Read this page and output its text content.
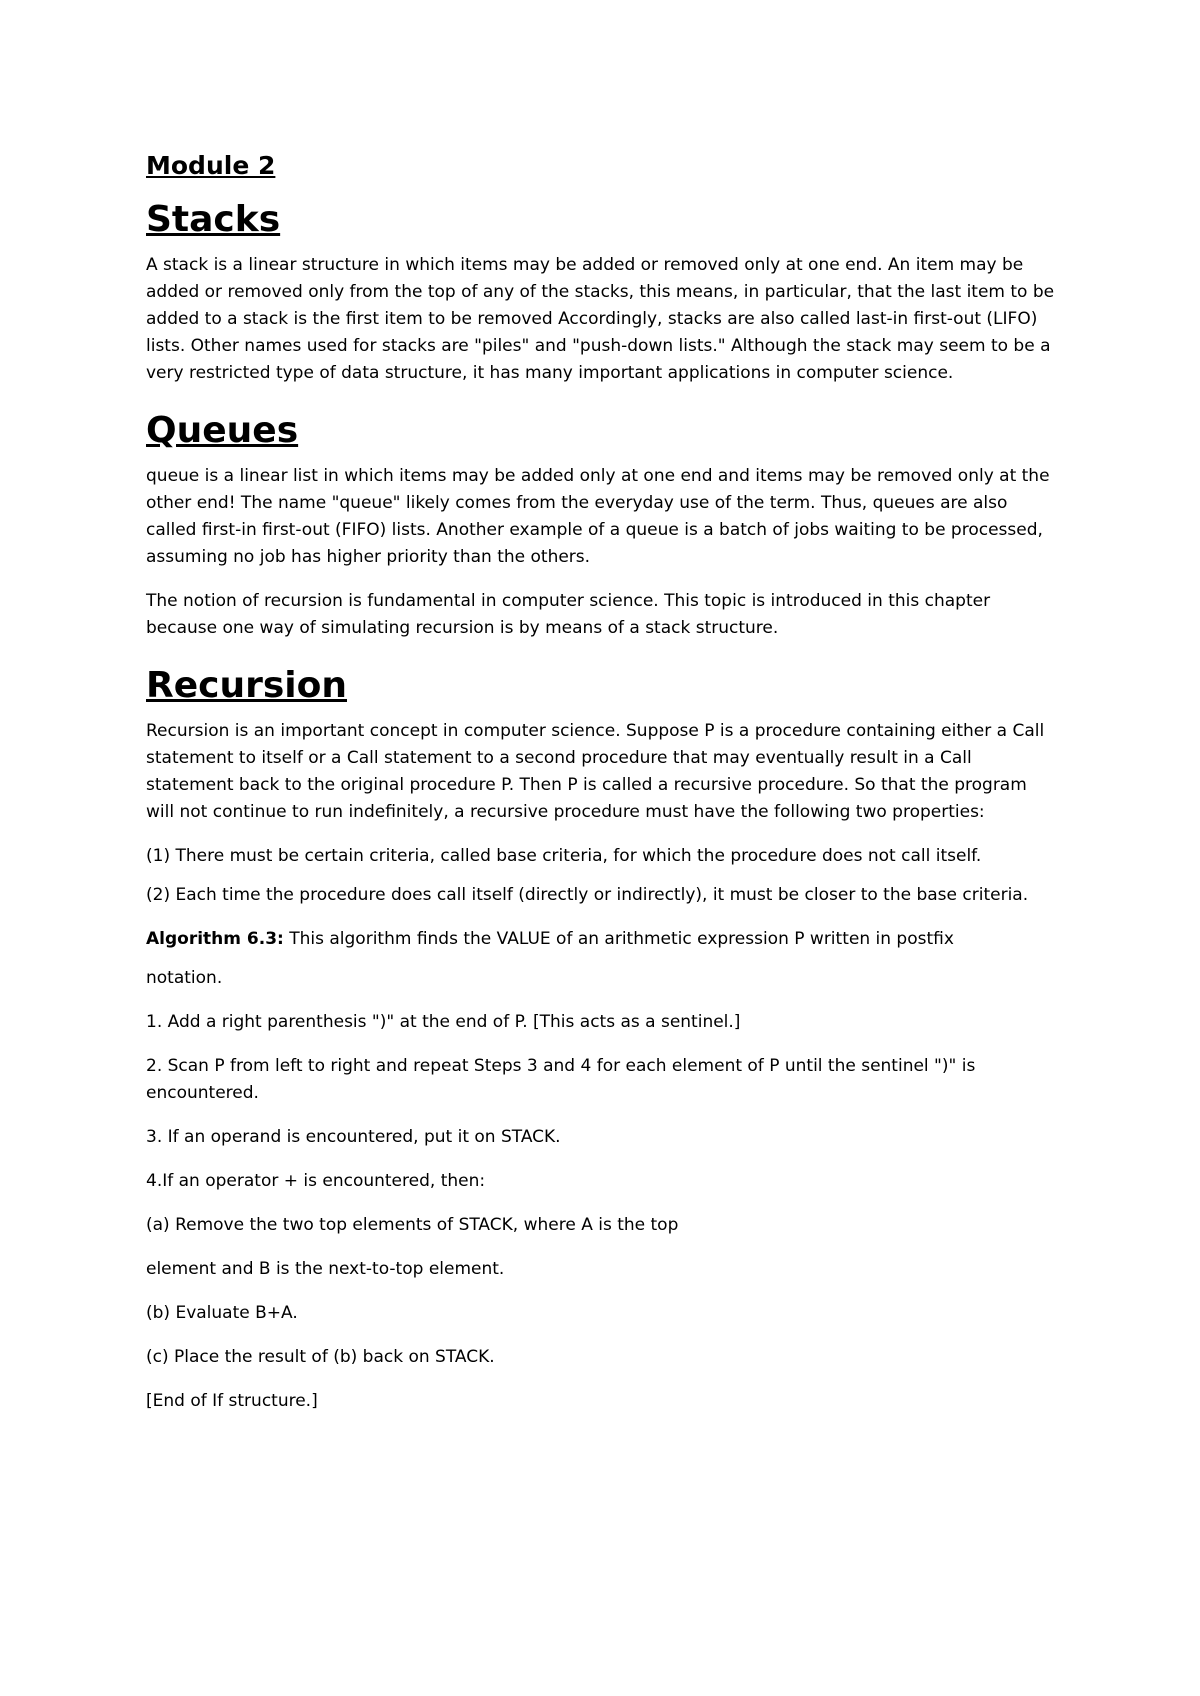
Module 2
Stacks

A stack is a linear structure in which items may be added or removed only at one end. An item may be added or removed only from the top of any of the stacks, this means, in particular, that the last item to be added to a stack is the first item to be removed Accordingly, stacks are also called last-in first-out (LIFO) lists. Other names used for stacks are "piles" and "push-down lists." Although the stack may seem to be a very restricted type of data structure, it has many important applications in computer science.

Queues

queue is a linear list in which items may be added only at one end and items may be removed only at the other end! The name "queue" likely comes from the everyday use of the term. Thus, queues are also called first-in first-out (FIFO) lists. Another example of a queue is a batch of jobs waiting to be processed, assuming no job has higher priority than the others.

The notion of recursion is fundamental in computer science. This topic is introduced in this chapter because one way of simulating recursion is by means of a stack structure.

Recursion

Recursion is an important concept in computer science. Suppose P is a procedure containing either a Call statement to itself or a Call statement to a second procedure that may eventually result in a Call statement back to the original procedure P. Then P is called a recursive procedure. So that the program will not continue to run indefinitely, a recursive procedure must have the following two properties:

(1) There must be certain criteria, called base criteria, for which the procedure does not call itself.

(2) Each time the procedure does call itself (directly or indirectly), it must be closer to the base criteria.

Algorithm 6.3: This algorithm finds the VALUE of an arithmetic expression P written in postfix

notation.

1. Add a right parenthesis ")" at the end of P. [This acts as a sentinel.]

2. Scan P from left to right and repeat Steps 3 and 4 for each element of P until the sentinel ")" is encountered.

3. If an operand is encountered, put it on STACK.

4.If an operator + is encountered, then:

(a) Remove the two top elements of STACK, where A is the top

element and B is the next-to-top element.

(b) Evaluate B+A.

(c) Place the result of (b) back on STACK.

[End of If structure.]
